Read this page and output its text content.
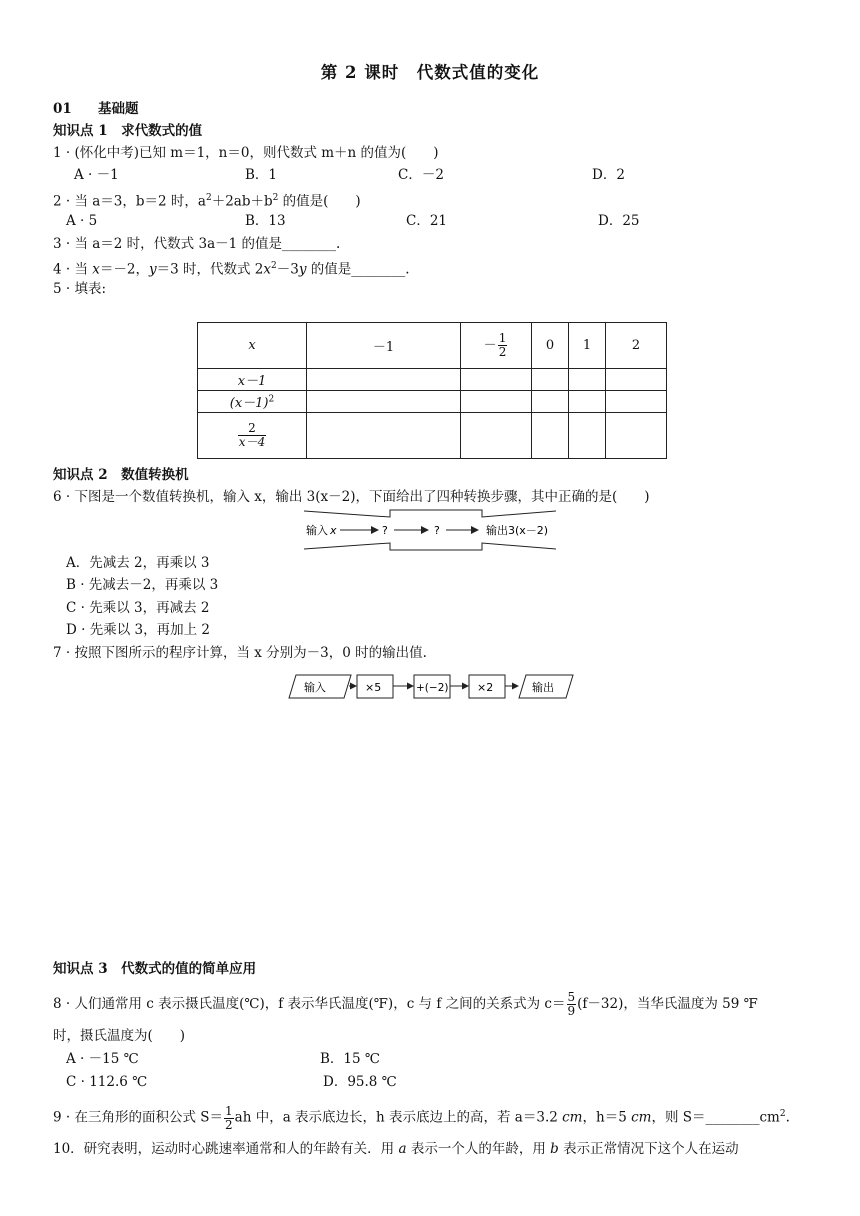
第 2 课时　代数式值的变化
01 基础题
知识点 1　求代数式的值
1 · (怀化中考)已知 m＝1，n＝0，则代数式 m＋n 的值为(　　)
A · －1	B．1	C．－2	D．2
2 · 当 a＝3，b＝2 时，$a^2+2ab+b^2$ 的值是(　　)
A · 5	B．13	C．21	D．25
3 · 当 a＝2 时，代数式 3a－1 的值是________.
4 · 当 x＝－2，y＝3 时，代数式 $2x^2-3y$ 的值是________.
5 · 填表:
x	－1	－ $\frac{1}{2}$	0	1	2
x－1					
$(x-1)^2$					

$\frac{2}{x-4}$

知识点 2　数值转换机
6 · 下图是一个数值转换机，输入 x，输出 3(x－2)，下面给出了四种转换步骤，其中正确的是(　　)
输入 x	?	?	输出3(x－2)
A．先减去 2，再乘以 3
B · 先减去－2，再乘以 3
C · 先乘以 3，再减去 2
D · 先乘以 3，再加上 2
7 · 按照下图所示的程序计算，当 x 分别为－3，0 时的输出值.
输入	×5	+(−2)	×2	输出
知识点 3　代数式的值的简单应用
8 · 人们通常用 c 表示摄氏温度(℃)，f 表示华氏温度(℉)，c 与 f 之间的关系式为 $c= \frac{5}{9} (f-32)$，当华氏温度为 59 ℉
时，摄氏温度为(　　)
A · －15 ℃	B．15 ℃
C · 112.6 ℃	D．95.8 ℃
9 · 在三角形的面积公式 $S= \frac{1}{2}$ ah 中，a 表示底边长，h 表示底边上的高，若 a＝3.2 cm，h＝5 cm，则 $S=\_\_\_\_\_\_\_\_cm^2$.
10．研究表明，运动时心跳速率通常和人的年龄有关．用 a 表示一个人的年龄，用 b 表示正常情况下这个人在运动
